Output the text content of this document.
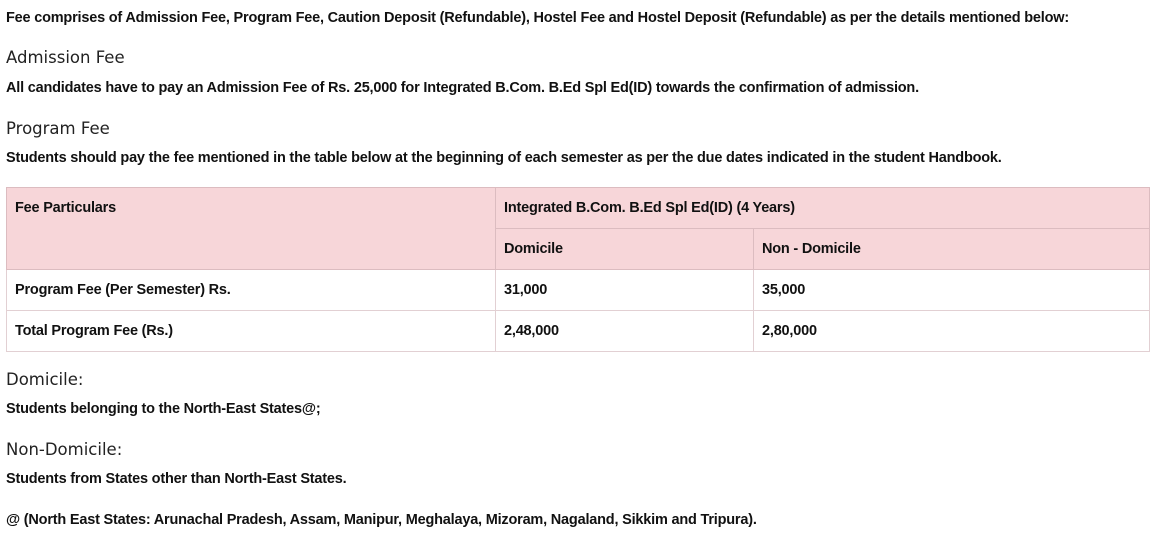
Fee comprises of Admission Fee, Program Fee, Caution Deposit (Refundable), Hostel Fee and Hostel Deposit (Refundable) as per the details mentioned below:

Admission Fee

All candidates have to pay an Admission Fee of Rs. 25,000 for Integrated B.Com. B.Ed Spl Ed(ID) towards the confirmation of admission.

Program Fee

Students should pay the fee mentioned in the table below at the beginning of each semester as per the due dates indicated in the student Handbook.

Fee Particulars	Integrated B.Com. B.Ed Spl Ed(ID) (4 Years)	
	Domicile	Non - Domicile
Program Fee (Per Semester) Rs.	31,000	35,000
Total Program Fee (Rs.)	2,48,000	2,80,000
Domicile:

Students belonging to the North-East States@;

Non-Domicile:

Students from States other than North-East States.

@ (North East States: Arunachal Pradesh, Assam, Manipur, Meghalaya, Mizoram, Nagaland, Sikkim and Tripura).
